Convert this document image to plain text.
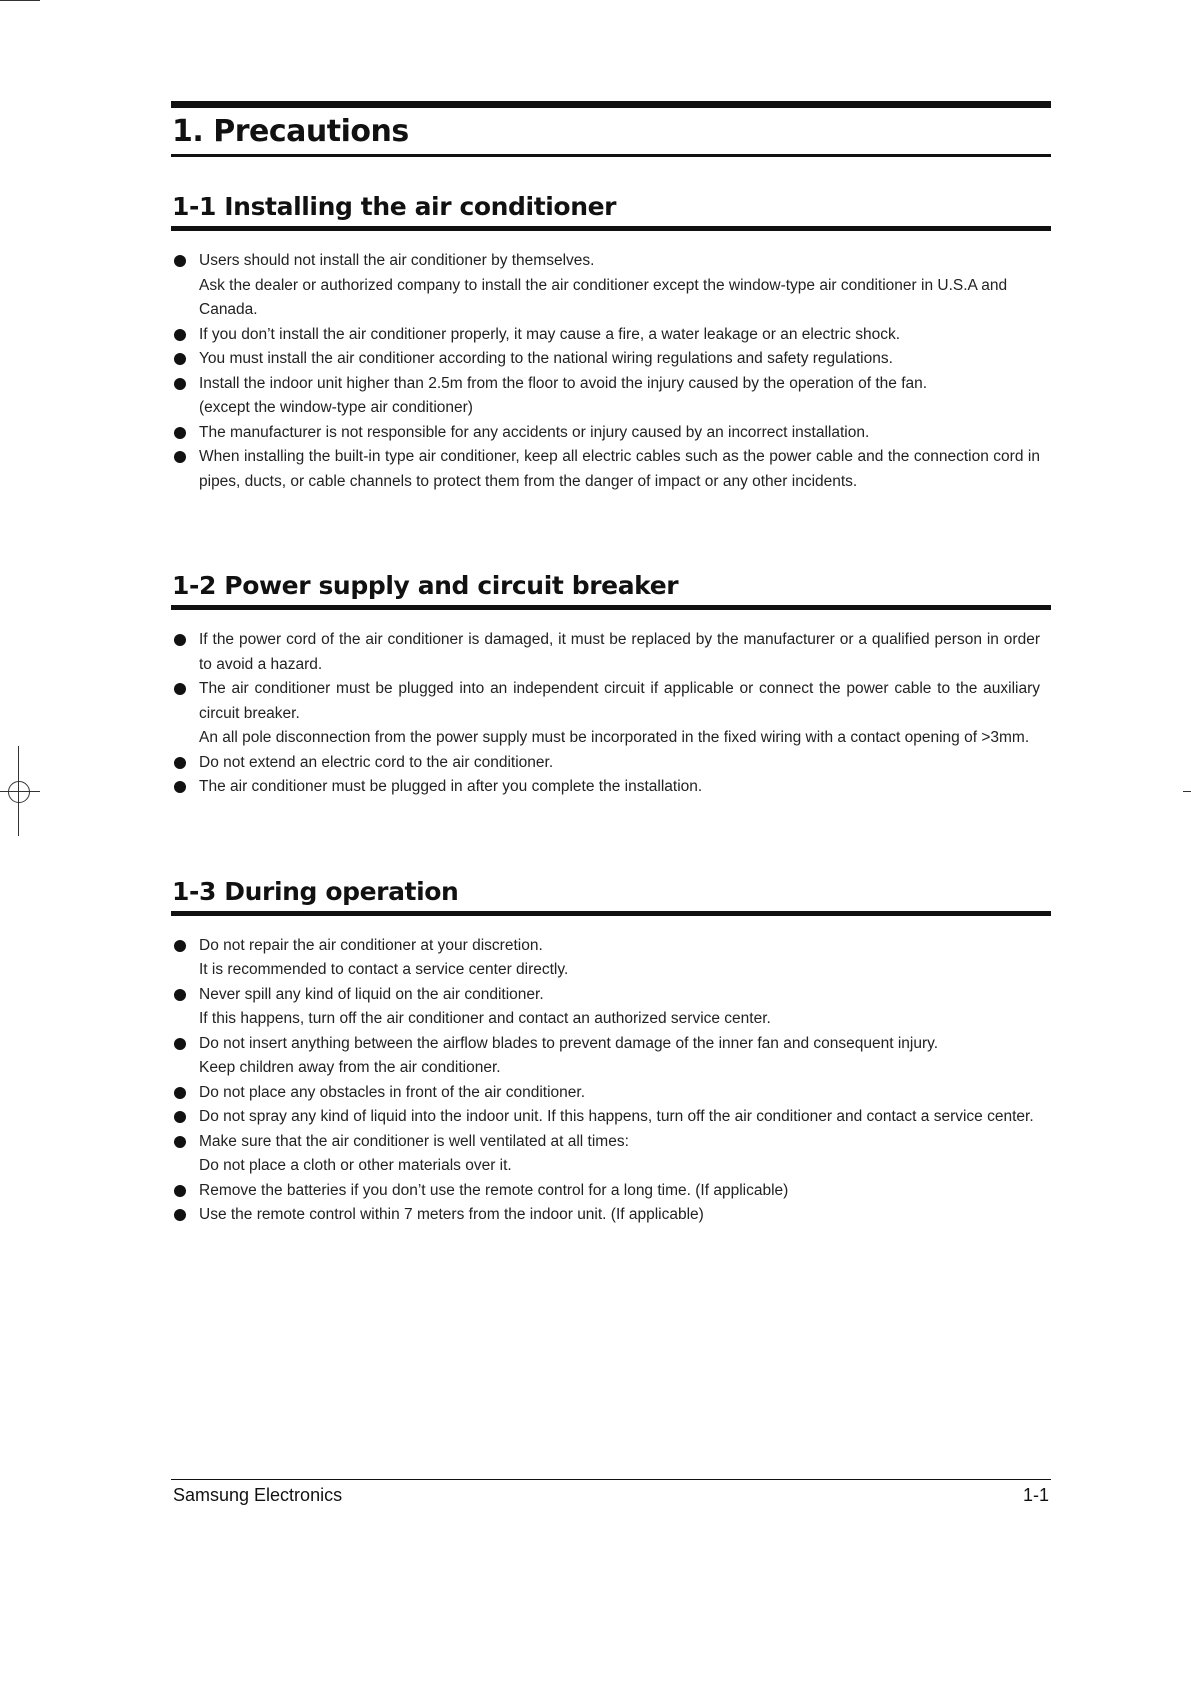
1. Precautions
1-1 Installing the air conditioner
Users should not install the air conditioner by themselves.
Ask the dealer or authorized company to install the air conditioner except the window-type air conditioner in U.S.A and Canada.
If you don’t install the air conditioner properly, it may cause a fire, a water leakage or an electric shock.
You must install the air conditioner according to the national wiring regulations and safety regulations.
Install the indoor unit higher than 2.5m from the floor to avoid the injury caused by the operation of the fan.
(except the window-type air conditioner)
The manufacturer is not responsible for any accidents or injury caused by an incorrect installation.
When installing the built-in type air conditioner, keep all electric cables such as the power cable and the connection cord in pipes, ducts, or cable channels to protect them from the danger of impact or any other incidents.
1-2 Power supply and circuit breaker
If the power cord of the air conditioner is damaged, it must be replaced by the manufacturer or a qualified person in order to avoid a hazard.
The air conditioner must be plugged into an independent circuit if applicable or connect the power cable to the auxiliary circuit breaker.
An all pole disconnection from the power supply must be incorporated in the fixed wiring with a contact opening of >3mm.
Do not extend an electric cord to the air conditioner.
The air conditioner must be plugged in after you complete the installation.
1-3 During operation
Do not repair the air conditioner at your discretion.
It is recommended to contact a service center directly.
Never spill any kind of liquid on the air conditioner.
If this happens, turn off the air conditioner and contact an authorized service center.
Do not insert anything between the airflow blades to prevent damage of the inner fan and consequent injury.
Keep children away from the air conditioner.
Do not place any obstacles in front of the air conditioner.
Do not spray any kind of liquid into the indoor unit. If this happens, turn off the air conditioner and contact a service center.
Make sure that the air conditioner is well ventilated at all times:
Do not place a cloth or other materials over it.
Remove the batteries if you don’t use the remote control for a long time. (If applicable)
Use the remote control within 7 meters from the indoor unit. (If applicable)
Samsung Electronics	1-1
